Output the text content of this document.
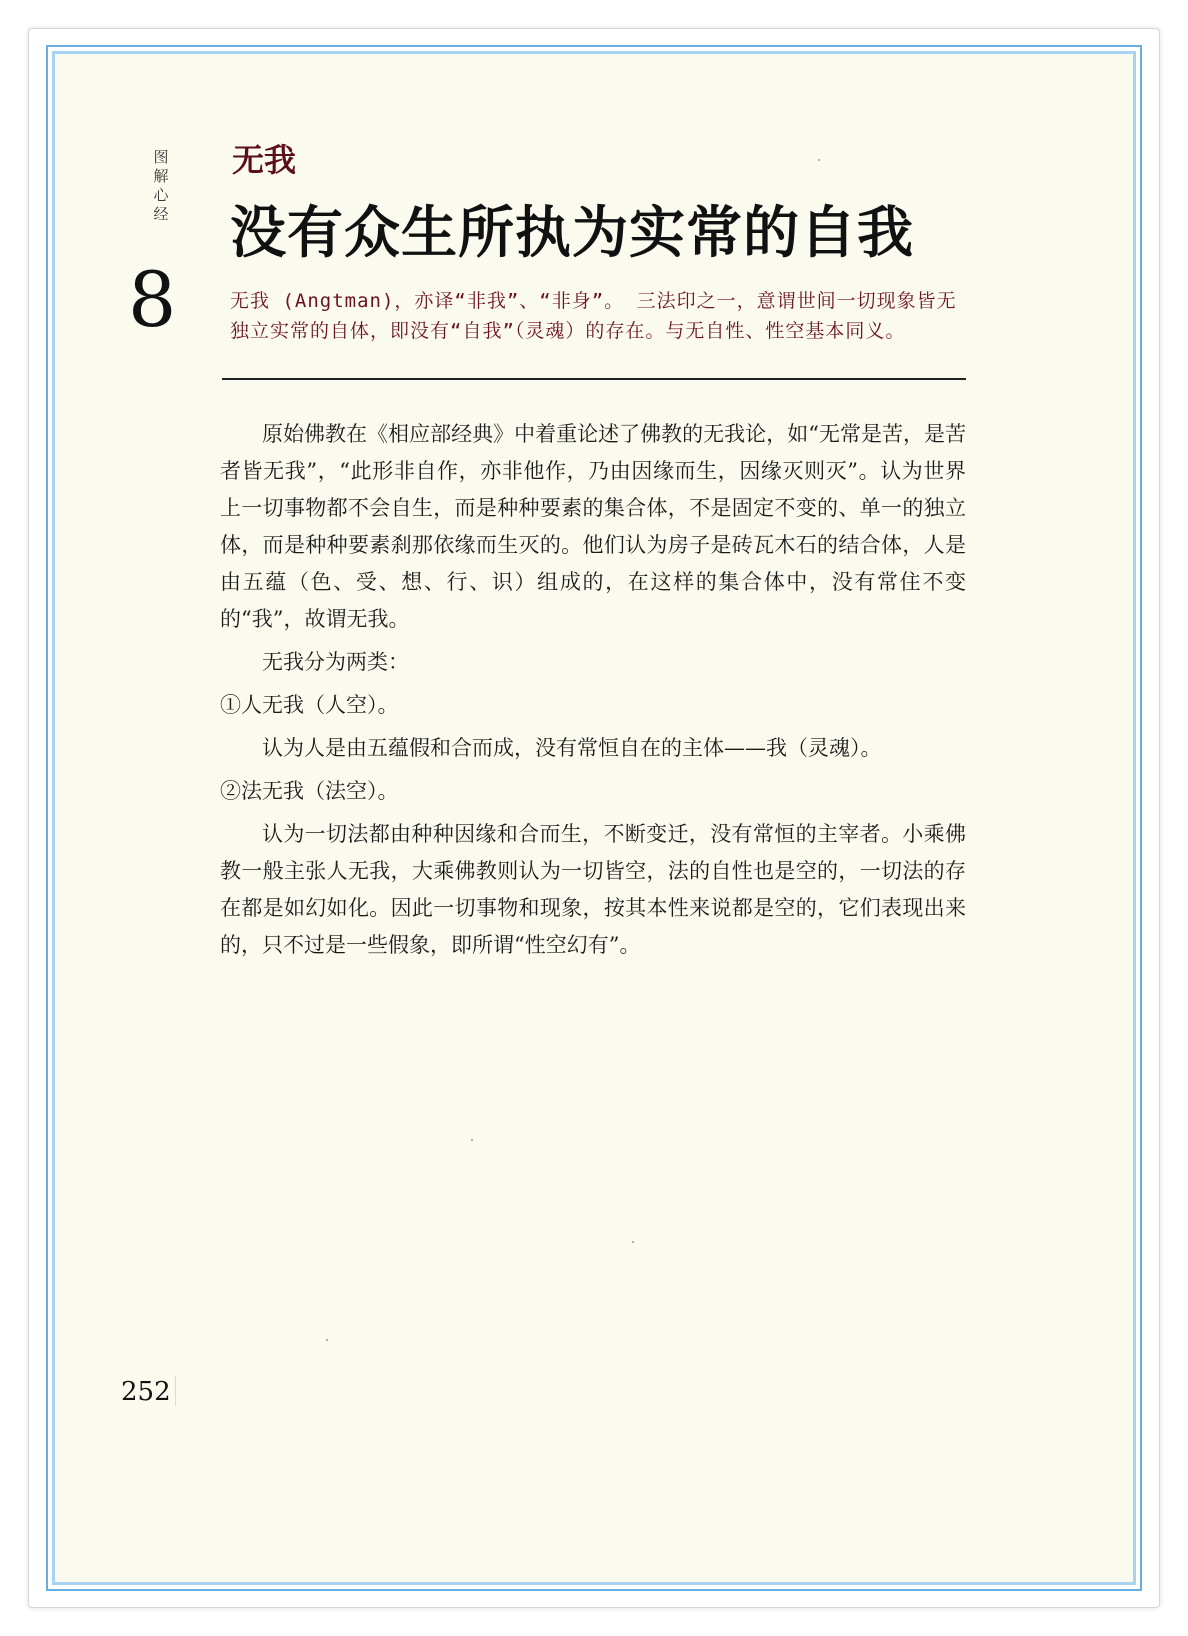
图解心经
8
无我
没有众生所执为实常的自我
无我 (Angtman)，亦译“非我”、“非身”。 三法印之一，意谓世间一切现象皆无独立实常的自体，即没有“自我”（灵魂）的存在。与无自性、性空基本同义。

原始佛教在《相应部经典》中着重论述了佛教的无我论，如“无常是苦，是苦者皆无我”，“此形非自作，亦非他作，乃由因缘而生，因缘灭则灭”。认为世界上一切事物都不会自生，而是种种要素的集合体，不是固定不变的、单一的独立体，而是种种要素刹那依缘而生灭的。他们认为房子是砖瓦木石的结合体，人是由五蕴（色、受、想、行、识）组成的，在这样的集合体中，没有常住不变的“我”，故谓无我。

无我分为两类：

①人无我（人空）。

认为人是由五蕴假和合而成，没有常恒自在的主体——我（灵魂）。

②法无我（法空）。

认为一切法都由种种因缘和合而生，不断变迁，没有常恒的主宰者。小乘佛教一般主张人无我，大乘佛教则认为一切皆空，法的自性也是空的，一切法的存在都是如幻如化。因此一切事物和现象，按其本性来说都是空的，它们表现出来的，只不过是一些假象，即所谓“性空幻有”。

252
